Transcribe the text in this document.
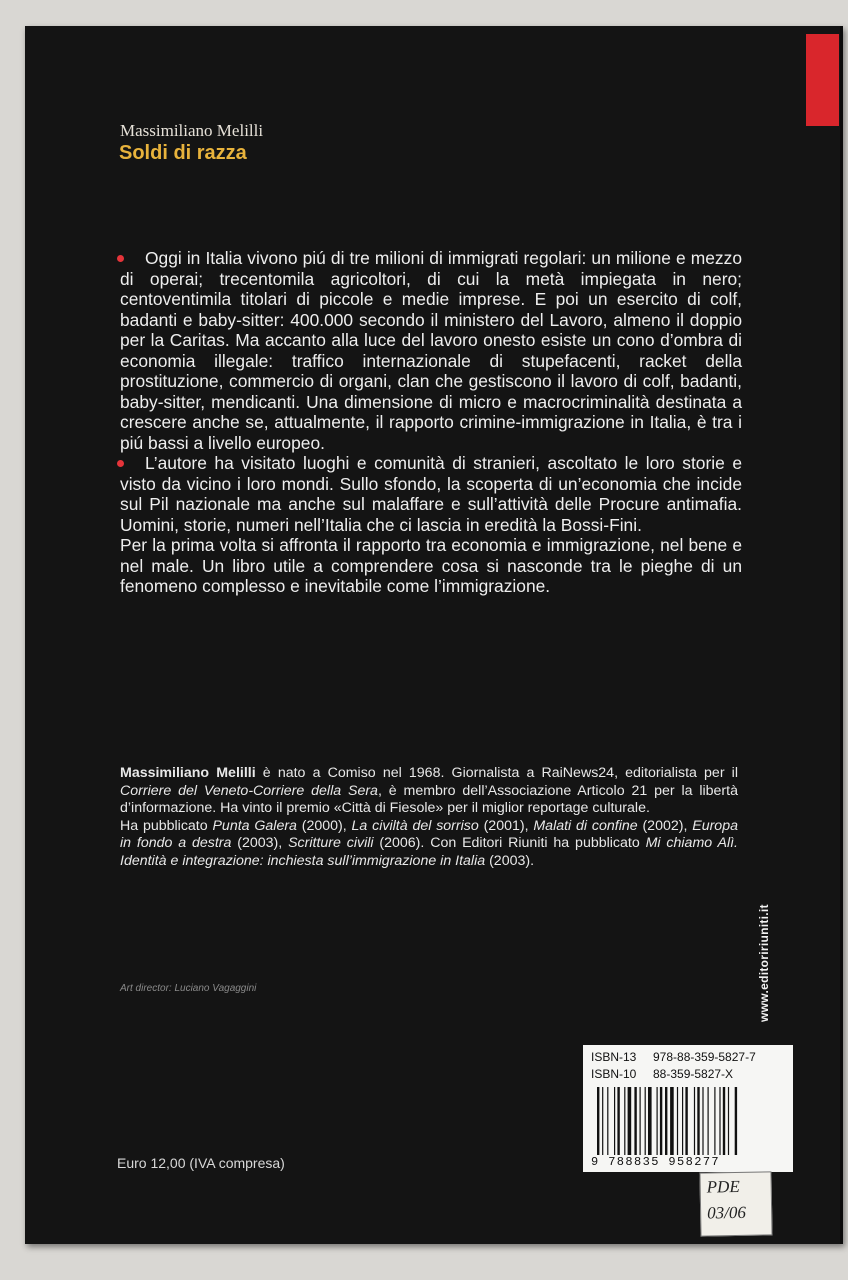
Massimiliano Melilli
Soldi di razza

Oggi in Italia vivono piú di tre milioni di immigrati regolari: un milione e mezzo di operai; trecentomila agricoltori, di cui la metà impiegata in nero; centoventimila titolari di piccole e medie imprese. E poi un esercito di colf, badanti e baby-sitter: 400.000 secondo il ministero del Lavoro, almeno il doppio per la Caritas. Ma accanto alla luce del lavoro onesto esiste un cono d’ombra di economia illegale: traffico internazionale di stupefacenti, racket della prostituzione, commercio di organi, clan che gestiscono il lavoro di colf, badanti, baby-sitter, mendicanti. Una dimensione di micro e macrocriminalità destinata a crescere anche se, attualmente, il rapporto crimine-immigrazione in Italia, è tra i piú bassi a livello europeo.

L’autore ha visitato luoghi e comunità di stranieri, ascoltato le loro storie e visto da vicino i loro mondi. Sullo sfondo, la scoperta di un’economia che incide sul Pil nazionale ma anche sul malaffare e sull’attività delle Procure antimafia. Uomini, storie, numeri nell’Italia che ci lascia in eredità la Bossi-Fini.

Per la prima volta si affronta il rapporto tra economia e immigrazione, nel bene e nel male. Un libro utile a comprendere cosa si nasconde tra le pieghe di un fenomeno complesso e inevitabile come l’immigrazione.

Massimiliano Melilli è nato a Comiso nel 1968. Giornalista a RaiNews24, editorialista per il Corriere del Veneto-Corriere della Sera, è membro dell’Associazione Articolo 21 per la libertà d’informazione. Ha vinto il premio «Città di Fiesole» per il miglior reportage culturale.

Ha pubblicato Punta Galera (2000), La civiltà del sorriso (2001), Malati di confine (2002), Europa in fondo a destra (2003), Scritture civili (2006). Con Editori Riuniti ha pubblicato Mi chiamo Alì. Identità e integrazione: inchiesta sull’immigrazione in Italia (2003).

Art director: Luciano Vagaggini	www.editoririuniti.it
Euro 12,00 (IVA compresa)
ISBN-13 978-88-359-5827-7
ISBN-10 88-359-5827-X
9 788835 958277
PDE
03/06
